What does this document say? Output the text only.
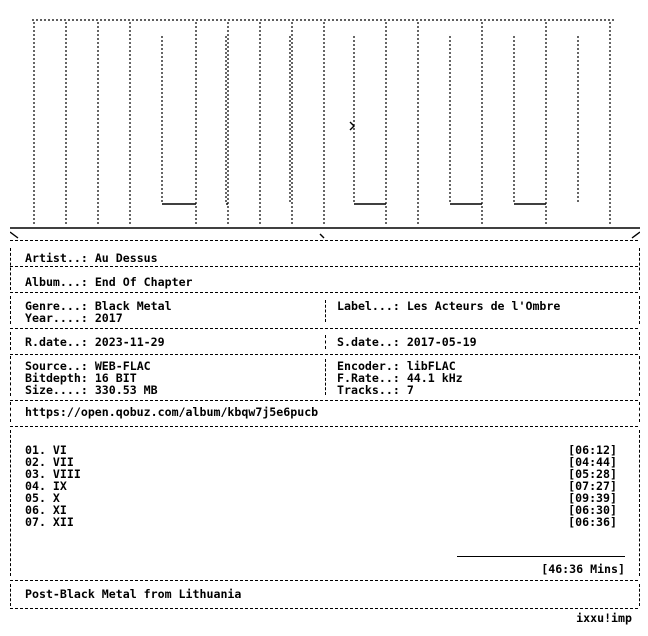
Artist..: Au Dessus
Album...: End Of Chapter
Genre...: Black Metal
Year....: 2017
Label...: Les Acteurs de l'Ombre
R.date..: 2023-11-29	S.date..: 2017-05-19
Source..: WEB-FLAC
Bitdepth: 16 BIT
Size....: 330.53 MB
Encoder.: libFLAC
F.Rate..: 44.1 kHz
Tracks..: 7
https://open.qobuz.com/album/kbqw7j5e6pucb
01. VI	[06:12]
02. VII	[04:44]
03. VIII	[05:28]
04. IX	[07:27]
05. X	[09:39]
06. XI	[06:30]
07. XII	[06:36]
[46:36 Mins]
Post-Black Metal from Lithuania
ixxu!imp
